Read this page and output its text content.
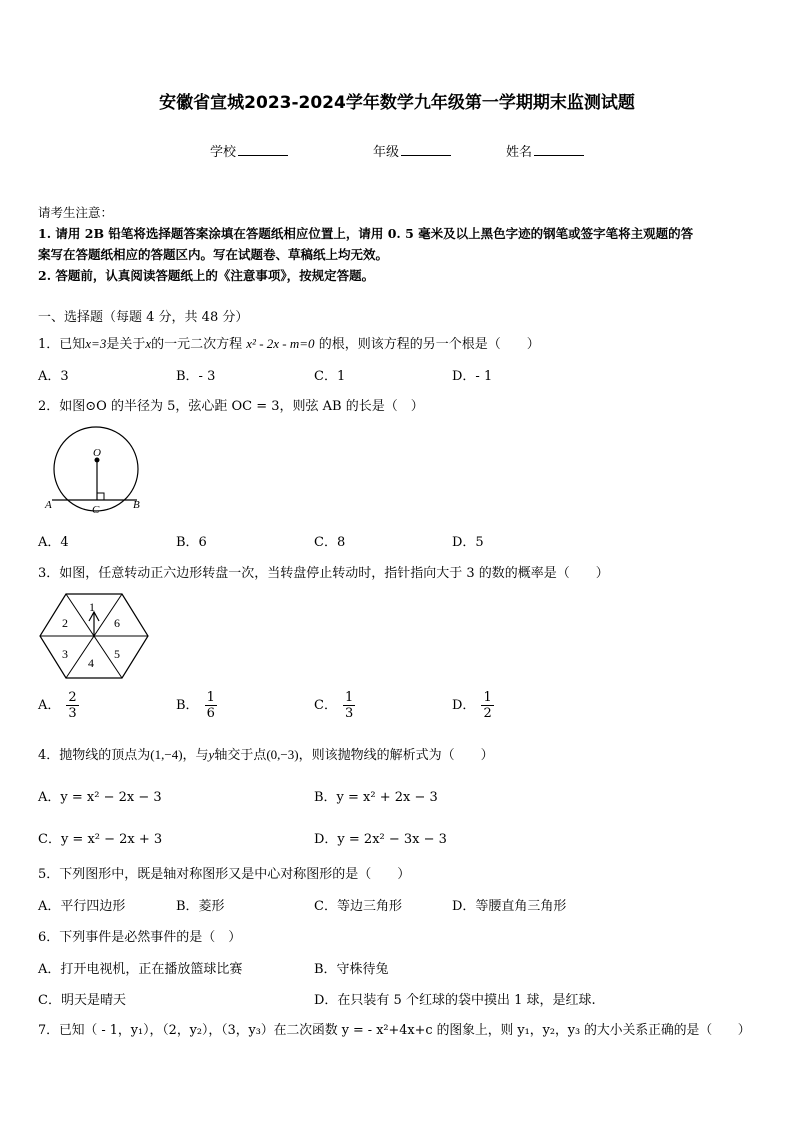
安徽省宣城2023-2024学年数学九年级第一学期期末监测试题
学校	年级	姓名
请考生注意：
1. 请用 2B 铅笔将选择题答案涂填在答题纸相应位置上，请用 0. 5 毫米及以上黑色字迹的钢笔或签字笔将主观题的答
案写在答题纸相应的答题区内。写在试题卷、草稿纸上均无效。
2. 答题前，认真阅读答题纸上的《注意事项》，按规定答题。
一、选择题（每题 4 分，共 48 分）
1．已知x=3是关于x的一元二次方程 x² - 2x - m=0 的根，则该方程的另一个根是（　　）
A．3	B．- 3	C．1	D．- 1
2．如图⊙O 的半径为 5，弦心距 OC = 3，则弦 AB 的长是（　）
O
A	B
C
A．4	B．6	C．8	D．5
3．如图，任意转动正六边形转盘一次，当转盘停止转动时，指针指向大于 3 的数的概率是（　　）
1
6
5
4
3
2
A． $\frac{2}{3}$	B． $\frac{1}{6}$	C． $\frac{1}{3}$	D． $\frac{1}{2}$
4．抛物线的顶点为(1,−4)，与y轴交于点(0,−3)，则该抛物线的解析式为（　　）
A．y = x² − 2x − 3	B．y = x² + 2x − 3
C．y = x² − 2x + 3	D．y = 2x² − 3x − 3
5．下列图形中，既是轴对称图形又是中心对称图形的是（　　）
A．平行四边形	B．菱形	C．等边三角形	D．等腰直角三角形
6．下列事件是必然事件的是（　）
A．打开电视机，正在播放篮球比赛	B．守株待兔
C．明天是晴天	D．在只装有 5 个红球的袋中摸出 1 球，是红球.
7．已知（ - 1，y₁），（2，y₂），（3，y₃）在二次函数 y = - x²+4x+c 的图象上，则 y₁，y₂，y₃ 的大小关系正确的是（　　）
